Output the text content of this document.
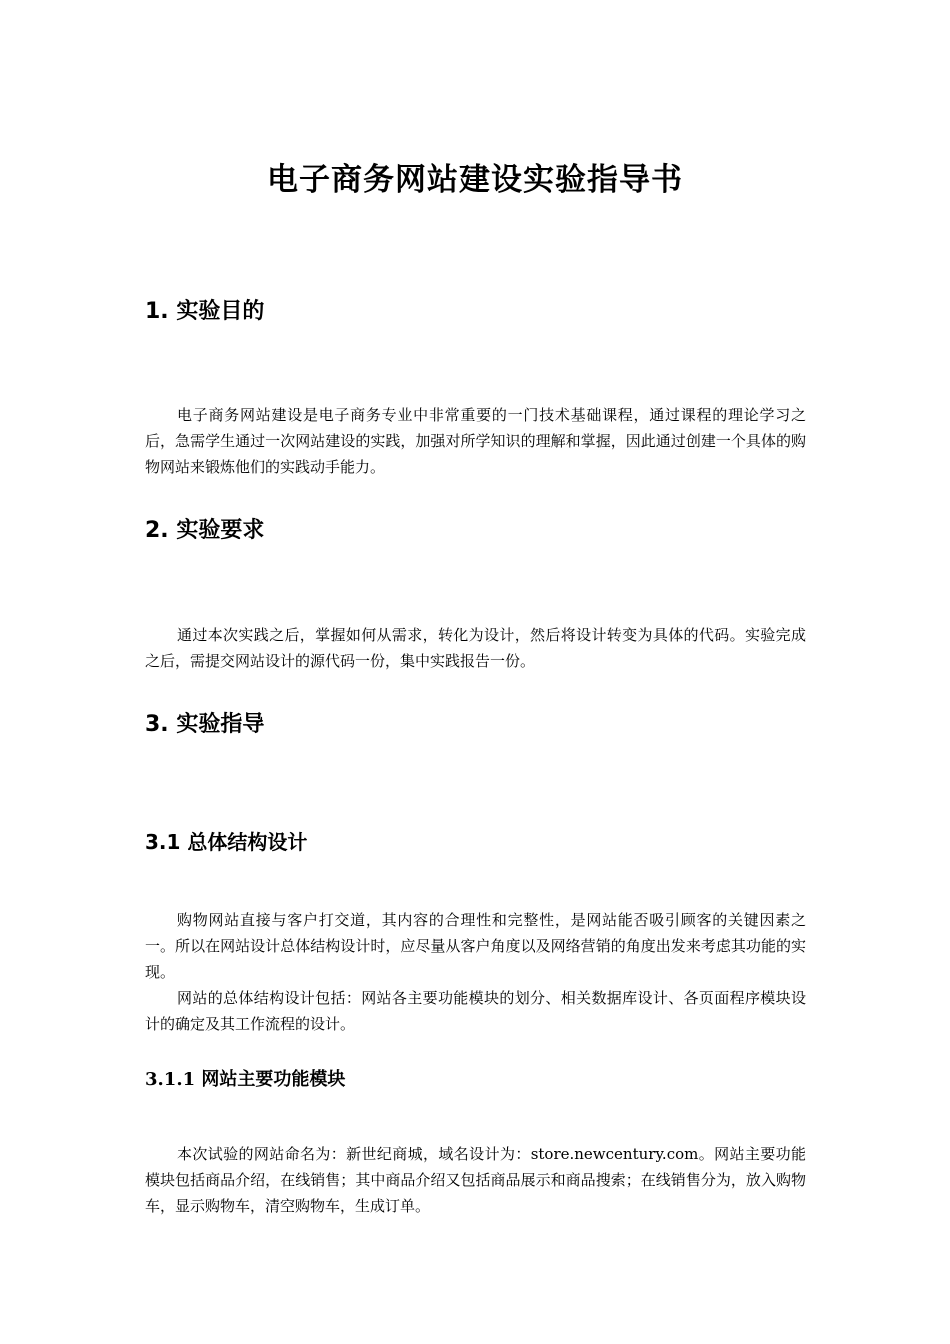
电子商务网站建设实验指导书
1. 实验目的

电子商务网站建设是电子商务专业中非常重要的一门技术基础课程，通过课程的理论学习之后，急需学生通过一次网站建设的实践，加强对所学知识的理解和掌握，因此通过创建一个具体的购物网站来锻炼他们的实践动手能力。

2. 实验要求

通过本次实践之后，掌握如何从需求，转化为设计，然后将设计转变为具体的代码。实验完成之后，需提交网站设计的源代码一份，集中实践报告一份。

3. 实验指导
3.1 总体结构设计

购物网站直接与客户打交道，其内容的合理性和完整性，是网站能否吸引顾客的关键因素之一。所以在网站设计总体结构设计时，应尽量从客户角度以及网络营销的角度出发来考虑其功能的实现。

网站的总体结构设计包括：网站各主要功能模块的划分、相关数据库设计、各页面程序模块设计的确定及其工作流程的设计。

3.1.1 网站主要功能模块

本次试验的网站命名为：新世纪商城，域名设计为：store.newcentury.com。网站主要功能模块包括商品介绍，在线销售；其中商品介绍又包括商品展示和商品搜索；在线销售分为，放入购物车，显示购物车，清空购物车，生成订单。
